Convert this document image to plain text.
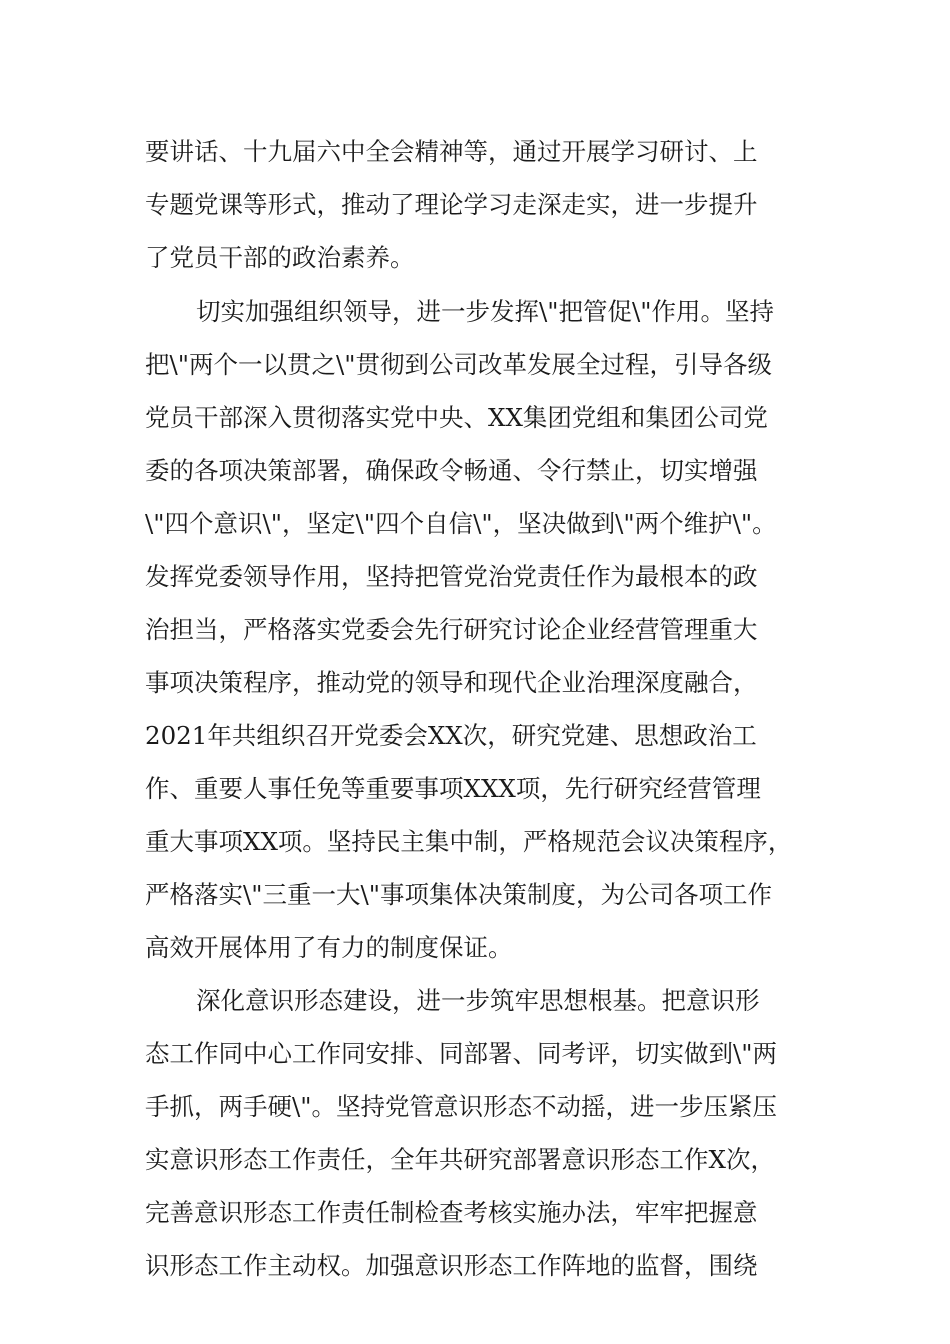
要讲话、十九届六中全会精神等，通过开展学习研讨、上
专题党课等形式，推动了理论学习走深走实，进一步提升
了党员干部的政治素养。
切实加强组织领导，进一步发挥\"把管促\"作用。坚持
把\"两个一以贯之\"贯彻到公司改革发展全过程，引导各级
党员干部深入贯彻落实党中央、XX集团党组和集团公司党
委的各项决策部署，确保政令畅通、令行禁止，切实增强
\"四个意识\"，坚定\"四个自信\"，坚决做到\"两个维护\"。
发挥党委领导作用，坚持把管党治党责任作为最根本的政
治担当，严格落实党委会先行研究讨论企业经营管理重大
事项决策程序，推动党的领导和现代企业治理深度融合，
2021年共组织召开党委会XX次，研究党建、思想政治工
作、重要人事任免等重要事项XXX项，先行研究经营管理
重大事项XX项。坚持民主集中制，严格规范会议决策程序，
严格落实\"三重一大\"事项集体决策制度，为公司各项工作
高效开展体用了有力的制度保证。
深化意识形态建设，进一步筑牢思想根基。把意识形
态工作同中心工作同安排、同部署、同考评，切实做到\"两
手抓，两手硬\"。坚持党管意识形态不动摇，进一步压紧压
实意识形态工作责任，全年共研究部署意识形态工作X次，
完善意识形态工作责任制检查考核实施办法，牢牢把握意
识形态工作主动权。加强意识形态工作阵地的监督，围绕
